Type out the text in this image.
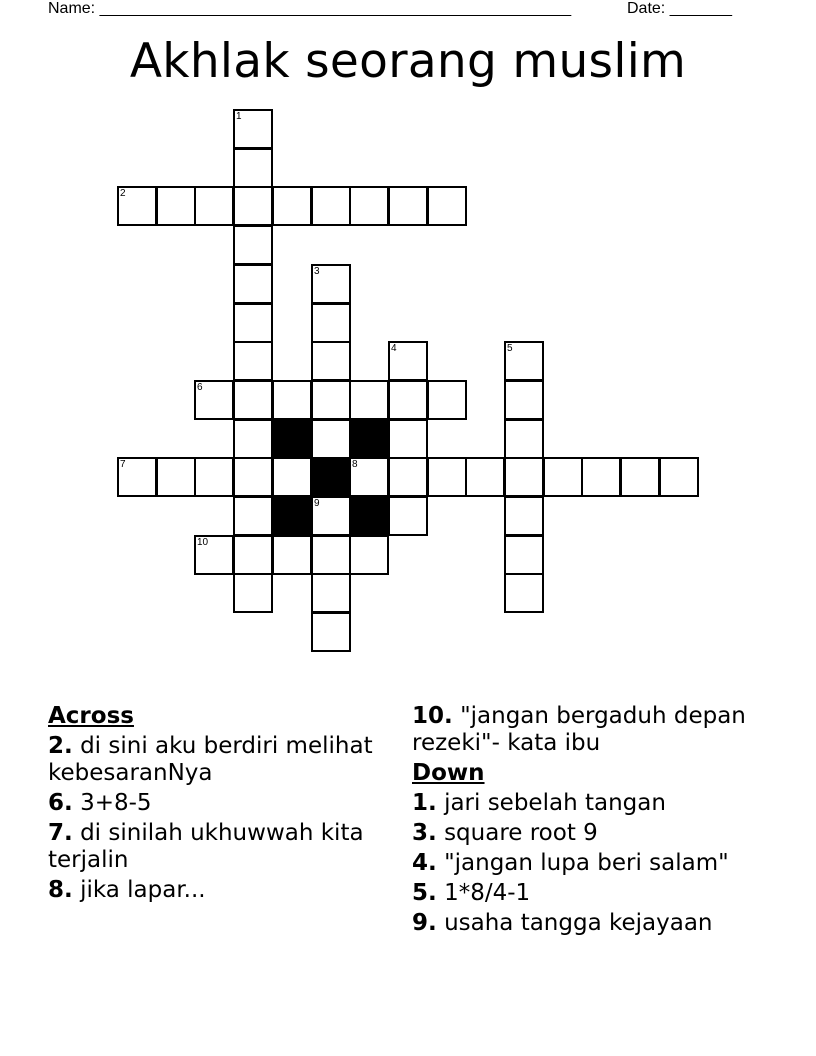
Name: _____________________________________________________	Date: _______
Akhlak seorang muslim
1
2
3
4	5
6
7	8
9
10
Across
2. di sini aku berdiri melihat kebesaranNya
6. 3+8-5
7. di sinilah ukhuwwah kita terjalin
8. jika lapar...
10. "jangan bergaduh depan rezeki"- kata ibu
Down
1. jari sebelah tangan
3. square root 9
4. "jangan lupa beri salam"
5. 1*8/4-1
9. usaha tangga kejayaan
